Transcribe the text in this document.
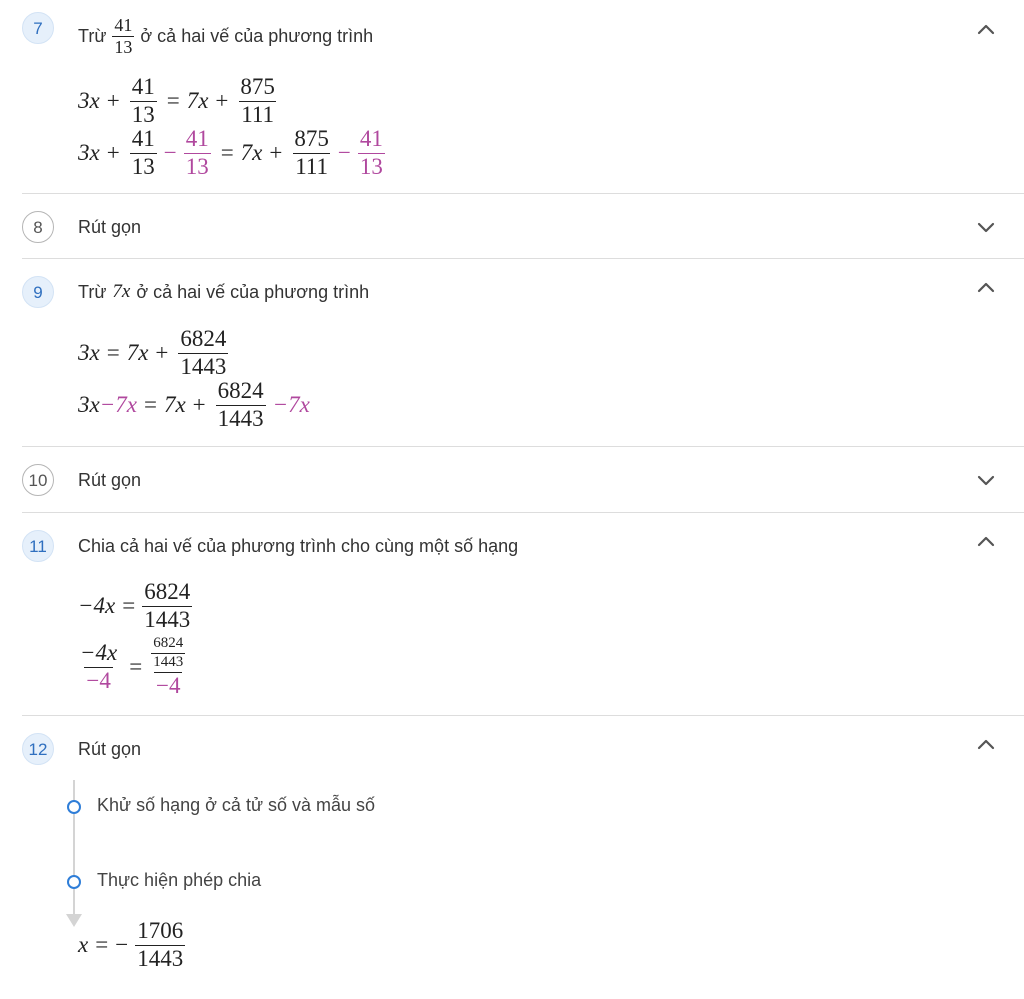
7	Trừ $\frac{41}{13}$ ở cả hai vế của phương trình
$3x + \frac{41}{13} = 7x + \frac{875}{111}$
$3x + \frac{41}{13} - \frac{41}{13} = 7x + \frac{875}{111} - \frac{41}{13}$
8	Rút gọn
9	Trừ 7x ở cả hai vế của phương trình
$3x = 7x + \frac{6824}{1443}$
$3x -7x = 7x + \frac{6824}{1443} -7x$
10	Rút gọn
11	Chia cả hai vế của phương trình cho cùng một số hạng
$-4x = \frac{6824}{1443}$
$\frac{-4x}{-4} = \frac{\frac{6824}{1443}}{-4}$
12	Rút gọn
Khử số hạng ở cả tử số và mẫu số
Thực hiện phép chia
x = − $\frac{1706}{1443}$
